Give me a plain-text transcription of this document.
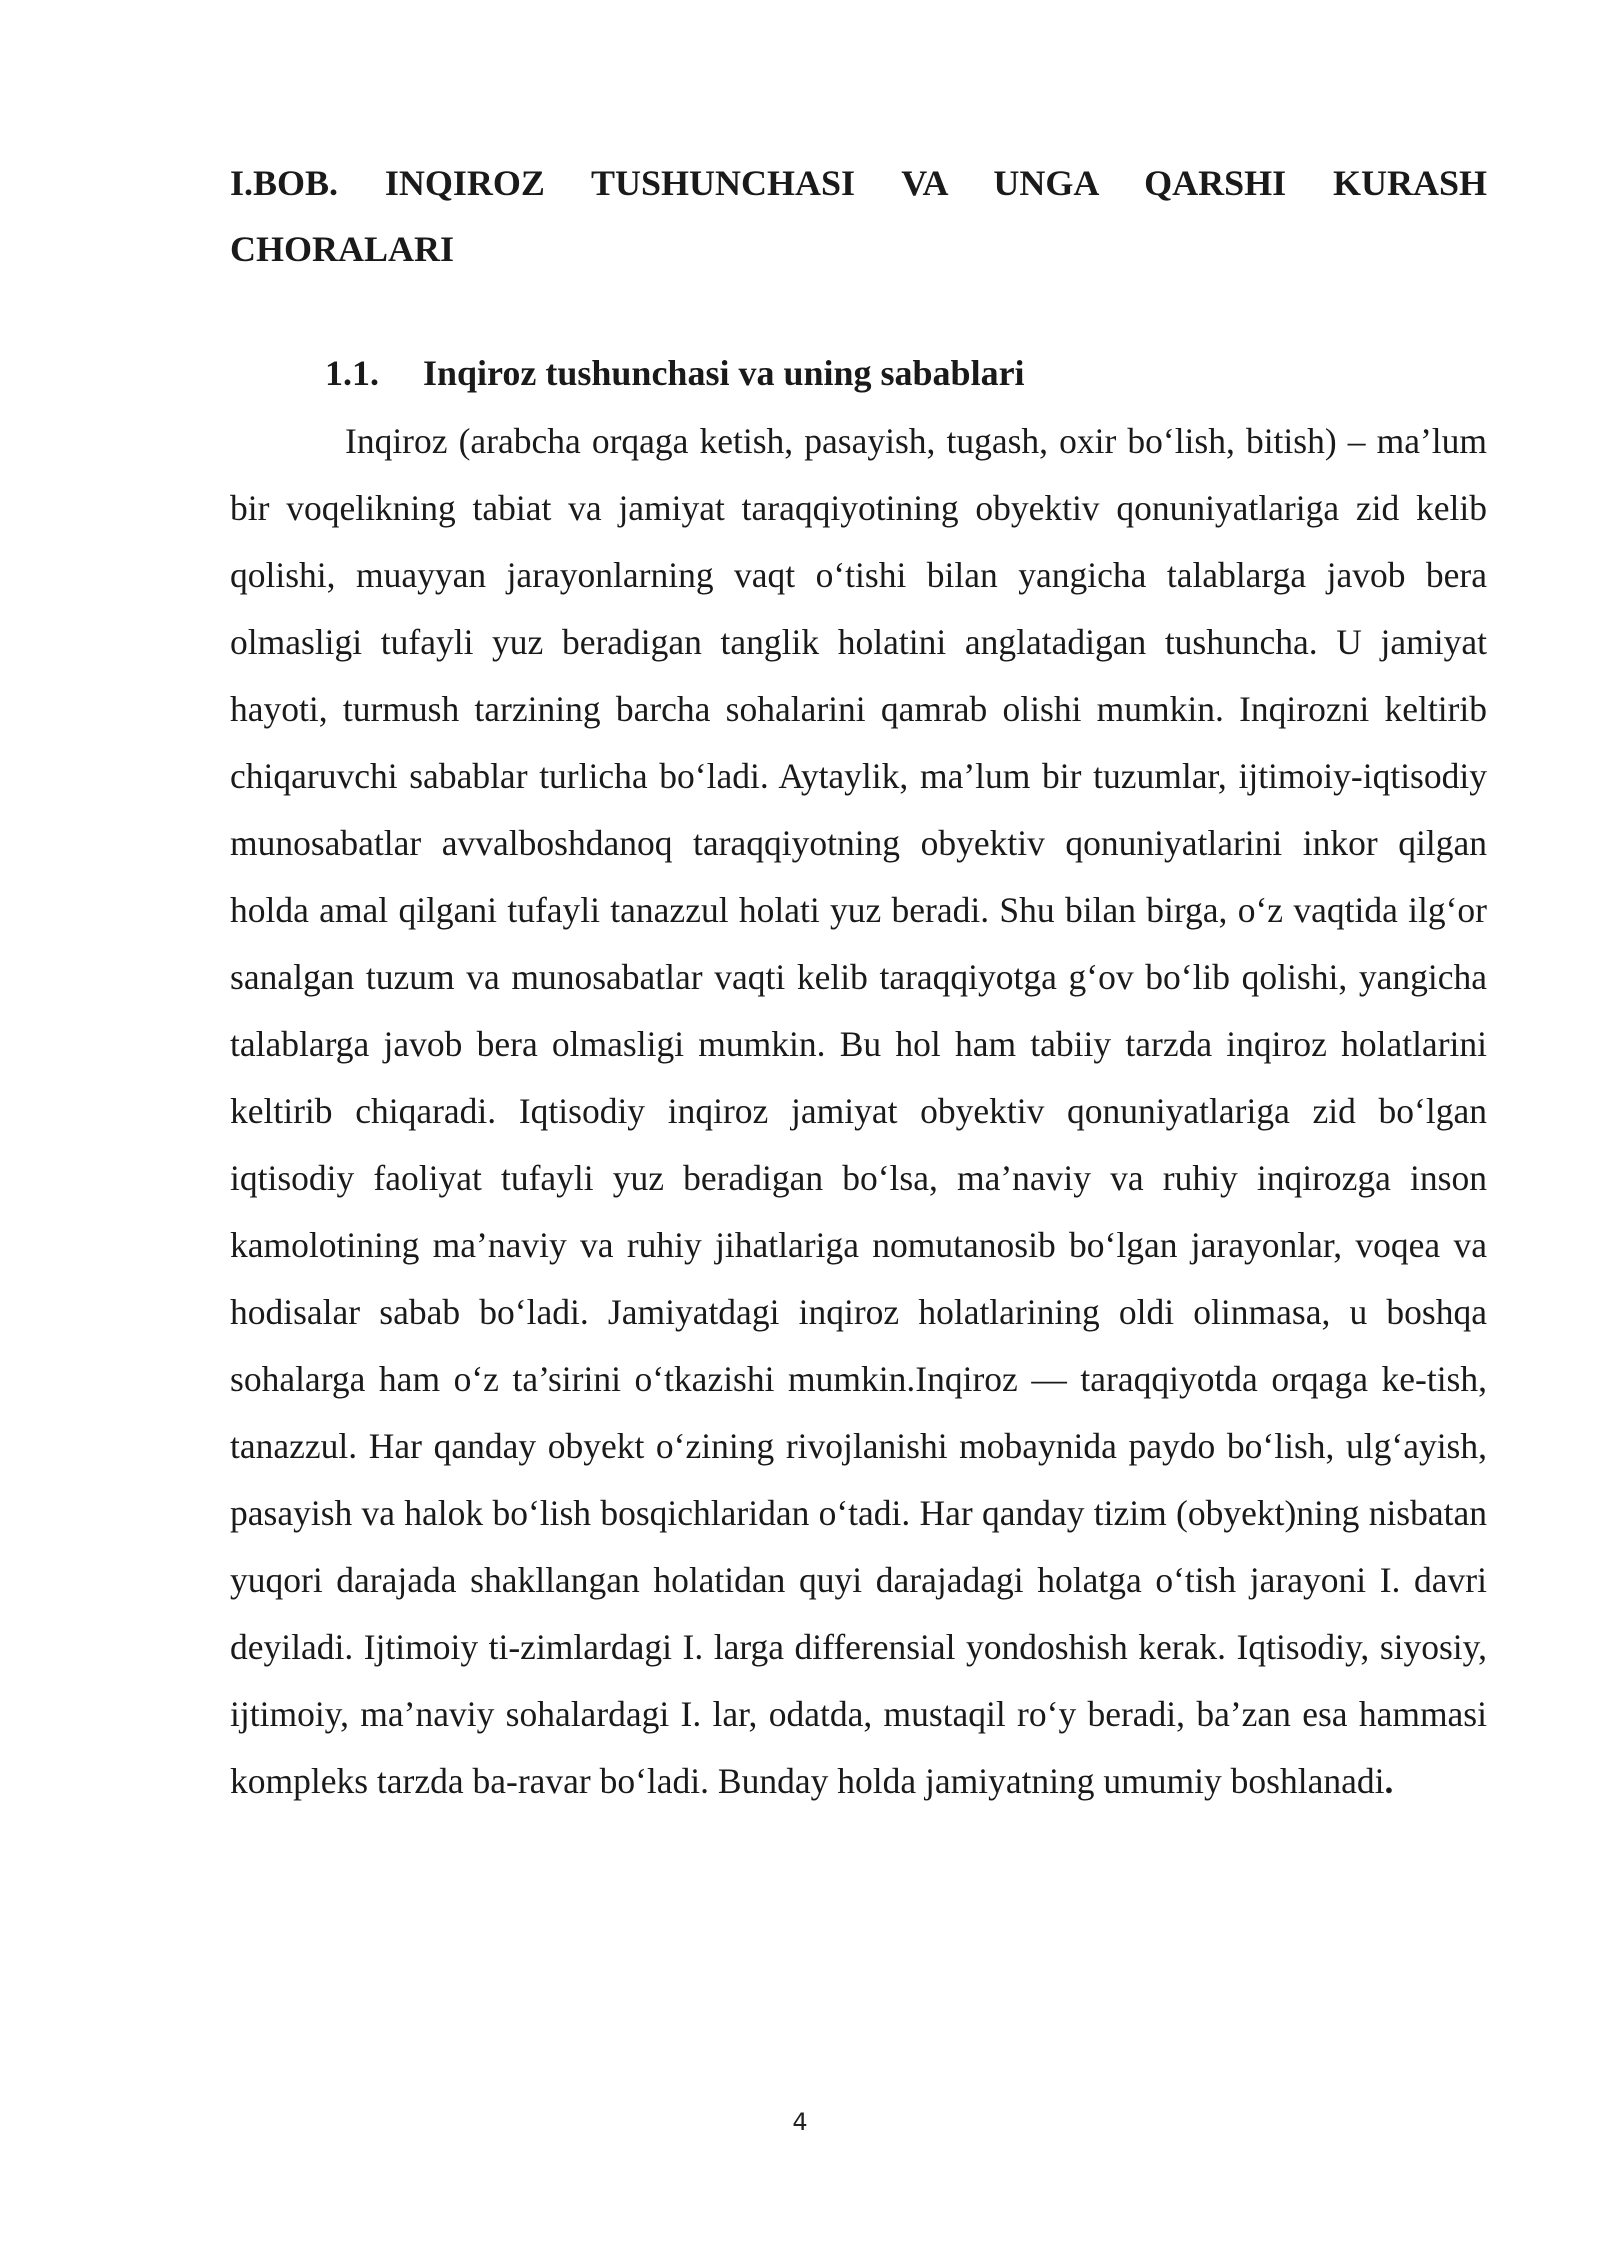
I.BOB. INQIROZ TUSHUNCHASI VA UNGA QARSHI KURASH CHORALARI
1.1. Inqiroz tushunchasi va uning sabablari

Inqiroz (arabcha orqaga ketish, pasayish, tugash, oxir bo‘lish, bitish) – ma’lum bir voqelikning tabiat va jamiyat taraqqiyotining obyektiv qonuniyatlariga zid kelib qolishi, muayyan jarayonlarning vaqt o‘tishi bilan yangicha talablarga javob bera olmasligi tufayli yuz beradigan tanglik holatini anglatadigan tushuncha. U jamiyat hayoti, turmush tarzining barcha sohalarini qamrab olishi mumkin. Inqirozni keltirib chiqaruvchi sabablar turlicha bo‘ladi. Aytaylik, ma’lum bir tuzumlar, ijtimoiy-iqtisodiy munosabatlar avvalboshdanoq taraqqiyotning obyektiv qonuniyatlarini inkor qilgan holda amal qilgani tufayli tanazzul holati yuz beradi. Shu bilan birga, o‘z vaqtida ilg‘or sanalgan tuzum va munosabatlar vaqti kelib taraqqiyotga g‘ov bo‘lib qolishi, yangicha talablarga javob bera olmasligi mumkin. Bu hol ham tabiiy tarzda inqiroz holatlarini keltirib chiqaradi. Iqtisodiy inqiroz jamiyat obyektiv qonuniyatlariga zid bo‘lgan iqtisodiy faoliyat tufayli yuz beradigan bo‘lsa, ma’naviy va ruhiy inqirozga inson kamolotining ma’naviy va ruhiy jihatlariga nomutanosib bo‘lgan jarayonlar, voqea va hodisalar sabab bo‘ladi. Jamiyatdagi inqiroz holatlarining oldi olinmasa, u boshqa sohalarga ham o‘z ta’sirini o‘tkazishi mumkin.Inqiroz — taraqqiyotda orqaga ke-tish, tanazzul. Har qanday obyekt o‘zining rivojlanishi mobaynida paydo bo‘lish, ulg‘ayish, pasayish va halok bo‘lish bosqichlaridan o‘tadi. Har qanday tizim (obyekt)ning nisbatan yuqori darajada shakllangan holatidan quyi darajadagi holatga o‘tish jarayoni I. davri deyiladi. Ijtimoiy ti-zimlardagi I. larga differensial yondoshish kerak. Iqtisodiy, siyosiy, ijtimoiy, ma’naviy sohalardagi I. lar, odatda, mustaqil ro‘y beradi, ba’zan esa hammasi kompleks tarzda ba-ravar bo‘ladi. Bunday holda jamiyatning umumiy boshlanadi.

4
